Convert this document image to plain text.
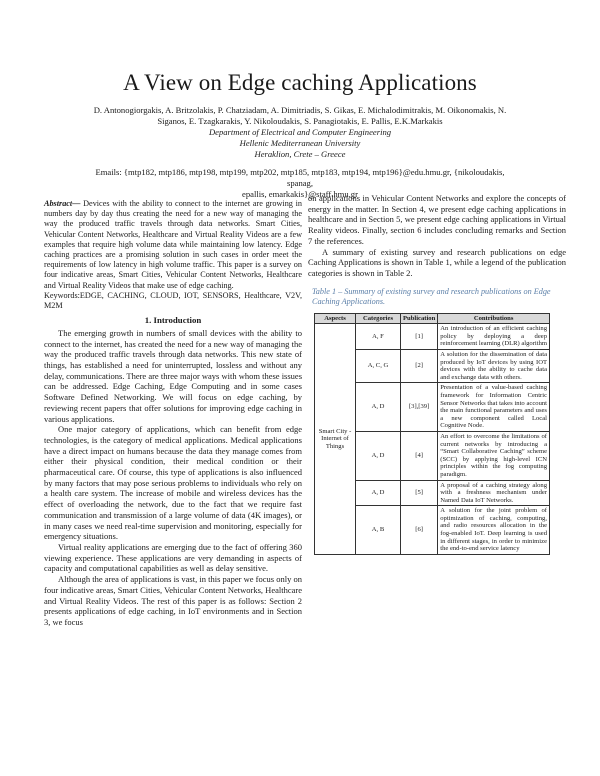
A View on Edge caching Applications
D. Antonogiorgakis, A. Britzolakis, P. Chatziadam, A. Dimitriadis, S. Gikas, E. Michalodimitrakis, M. Oikonomakis, N.
Siganos, E. Tzagkarakis, Y. Nikoloudakis, S. Panagiotakis, E. Pallis, E.K.Markakis
Department of Electrical and Computer Engineering
Hellenic Mediterranean University
Heraklion, Crete – Greece
Emails: {mtp182, mtp186, mtp198, mtp199, mtp202, mtp185, mtp183, mtp194, mtp196}@edu.hmu.gr, {nikoloudakis, spanag,
epallis, emarkakis}@staff.hmu.gr

Abstract— Devices with the ability to connect to the internet are growing in numbers day by day thus creating the need for a new way of managing the way the produced traffic travels through data networks. Smart Cities, Vehicular Content Networks, Healthcare and Virtual Reality Videos are a few examples that require high volume data while maintaining low latency. Edge caching practices are a promising solution in such cases in order meet the requirements of low latency in high volume traffic. This paper is a survey on four indicative areas, Smart Cities, Vehicular Content Networks, Healthcare and Virtual Reality Videos that make use of edge caching.

Keywords:EDGE, CACHING, CLOUD, IOT, SENSORS, Healthcare, V2V, M2M

1. Introduction

The emerging growth in numbers of small devices with the ability to connect to the internet, has created the need for a new way of managing the way the produced traffic travels through data networks. This new state of things, has established a need for uninterrupted, lossless and without any delay, communications. There are three major ways with whom these issues can be addressed. Edge Caching, Edge Computing and in some cases Software Defined Networking. We will focus on edge caching, by reviewing recent papers that offer solutions for improving edge caching in various applications.

One major category of applications, which can benefit from edge technologies, is the category of medical applications. Medical applications have a direct impact on humans because the data they manage comes from either their physical condition, their medical condition or their pharmaceutical care. Of course, this type of applications is also influenced by many factors that may pose serious problems to individuals who rely on a health care system. The increase of mobile and wireless devices has the effect of overloading the network, due to the fact that we require fast communication and transmission of a large volume of data (4K images), or in many cases we need real-time supervision and monitoring, especially for emergency situations.

Virtual reality applications are emerging due to the fact of offering 360 viewing experience. These applications are very demanding in aspects of capacity and computational capabilities as well as delay sensitive.

Although the area of applications is vast, in this paper we focus only on four indicative areas, Smart Cities, Vehicular Content Networks, Healthcare and Virtual Reality Videos. The rest of this paper is as follows: Section 2 presents applications of edge caching, in IoT environments and in Section 3, we focus

on applications in Vehicular Content Networks and explore the concepts of energy in the matter. In Section 4, we present edge caching applications in healthcare and in Section 5, we present edge caching applications in Virtual Reality videos. Finally, section 6 includes concluding remarks and Section 7 the references.

A summary of existing survey and research publications on edge Caching Applications is shown in Table 1, while a legend of the publication categories is shown in Table 2.

Table 1 – Summary of existing survey and research publications on Edge Caching Applications.
Aspects	Categories	Publication	Contributions
Smart City - Internet of Things	A, F	[1]	An introduction of an efficient caching policy by deploying a deep reinforcement learning (DLR) algorithm
	A, C, G	[2]	A solution for the dissemination of data produced by IoT devices by using IOT devices with the ability to cache data and exchange data with others.
	A, D	[3],[39]	Presentation of a value-based caching framework for Information Centric Sensor Networks that takes into account the main functional parameters and uses a new component called Local Cognitive Node.
	A, D	[4]	An effort to overcome the limitations of current networks by introducing a “Smart Collaborative Caching” scheme (SCC) by applying high-level ICN principles within the fog computing paradigm.
	A, D	[5]	A proposal of a caching strategy along with a freshness mechanism under Named Data IoT Networks.
	A, B	[6]	A solution for the joint problem of optimization of caching, computing, and radio resources allocation in the fog-enabled IoT. Deep learning is used in different stages, in order to minimize the end-to-end service latency
